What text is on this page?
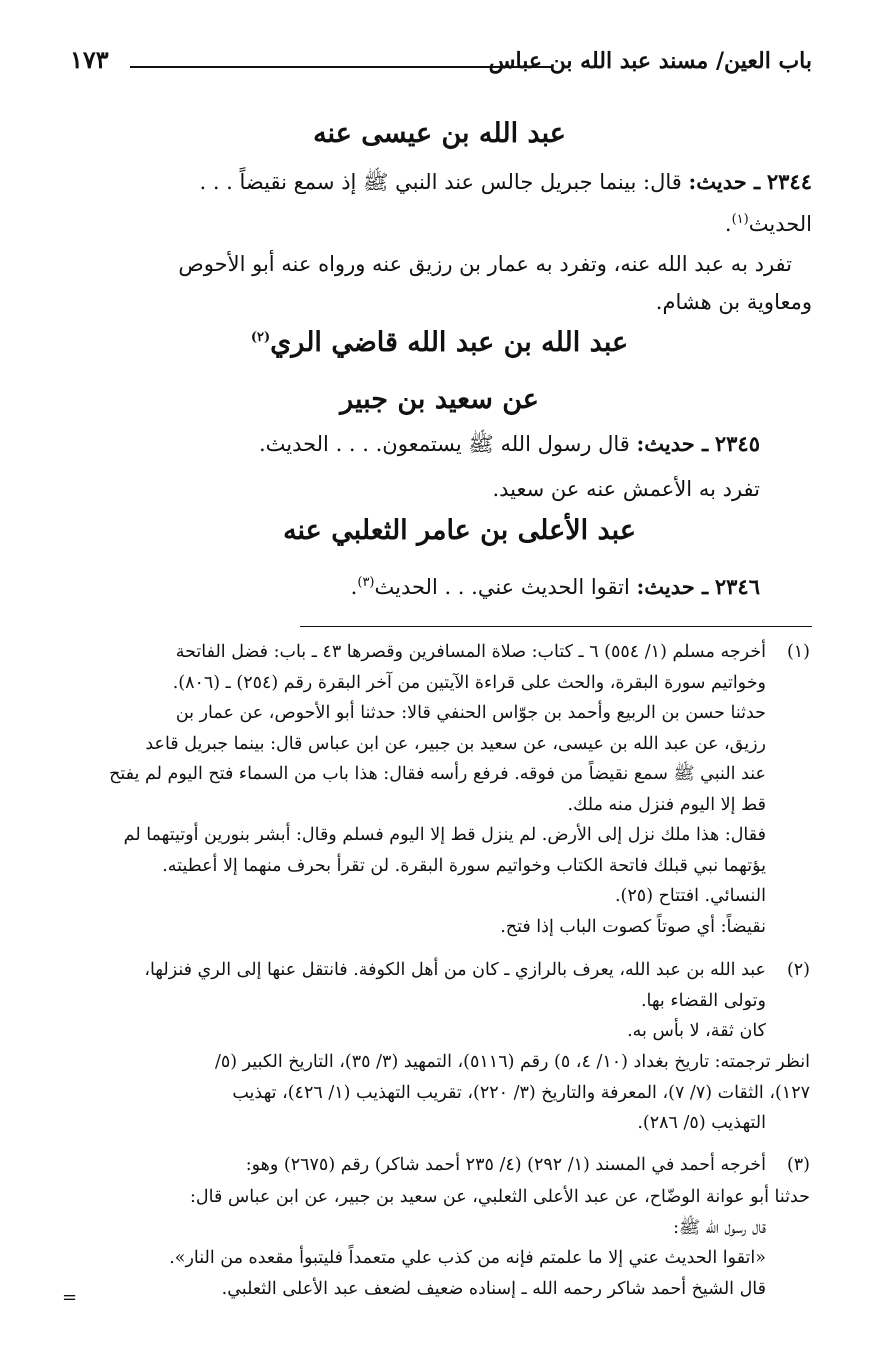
باب العين/ مسند عبد الله بن عباس
١٧٣
عبد الله بن عيسى عنه
٢٣٤٤ ـ حديث: قال: بينما جبريل جالس عند النبي ﷺ إذ سمع نقيضاً . . .
الحديث$^{(١)}$.
تفرد به عبد الله عنه، وتفرد به عمار بن رزيق عنه ورواه عنه أبو الأحوص
ومعاوية بن هشام.
عبد الله بن عبد الله قاضي الري$^{(٢)}$
عن سعيد بن جبير
٢٣٤٥ ـ حديث: قال رسول الله ﷺ يستمعون. . . . الحديث.
تفرد به الأعمش عنه عن سعيد.
عبد الأعلى بن عامر الثعلبي عنه
٢٣٤٦ ـ حديث: اتقوا الحديث عني. . . الحديث$^{(٣)}$.
(١)
أخرجه مسلم (١/ ٥٥٤) ٦ ـ كتاب: صلاة المسافرين وقصرها ٤٣ ـ باب: فضل الفاتحة
وخواتيم سورة البقرة، والحث على قراءة الآيتين من آخر البقرة رقم (٢٥٤) ـ (٨٠٦).
حدثنا حسن بن الربيع وأحمد بن جوّاس الحنفي قالا: حدثنا أبو الأحوص، عن عمار بن
رزيق، عن عبد الله بن عيسى، عن سعيد بن جبير، عن ابن عباس قال: بينما جبريل قاعد
عند النبي ﷺ سمع نقيضاً من فوقه. فرفع رأسه فقال: هذا باب من السماء فتح اليوم لم يفتح
قط إلا اليوم فنزل منه ملك.
فقال: هذا ملك نزل إلى الأرض. لم ينزل قط إلا اليوم فسلم وقال: أبشر بنورين أوتيتهما لم
يؤتهما نبي قبلك فاتحة الكتاب وخواتيم سورة البقرة. لن تقرأ بحرف منهما إلا أعطيته.
النسائي. افتتاح (٢٥).
نقيضاً: أي صوتاً كصوت الباب إذا فتح.
(٢)
عبد الله بن عبد الله، يعرف بالرازي ـ كان من أهل الكوفة. فانتقل عنها إلى الري فنزلها،
وتولى القضاء بها.
كان ثقة، لا بأس به.
انظر ترجمته: تاريخ بغداد (١٠/ ٤، ٥) رقم (٥١١٦)، التمهيد (٣/ ٣٥)، التاريخ الكبير (٥/
١٢٧)، الثقات (٧/ ٧)، المعرفة والتاريخ (٣/ ٢٢٠)، تقريب التهذيب (١/ ٤٢٦)، تهذيب
التهذيب (٥/ ٢٨٦).
(٣)
أخرجه أحمد في المسند (١/ ٢٩٢) (٤/ ٢٣٥ أحمد شاكر) رقم (٢٦٧٥) وهو:
حدثنا أبو عوانة الوضّاح، عن عبد الأعلى الثعلبي، عن سعيد بن جبير، عن ابن عباس قال:
قال رسول الله ﷺ:
«اتقوا الحديث عني إلا ما علمتم فإنه من كذب علي متعمداً فليتبوأ مقعده من النار».
قال الشيخ أحمد شاكر رحمه الله ـ إسناده ضعيف لضعف عبد الأعلى الثعلبي.
=
